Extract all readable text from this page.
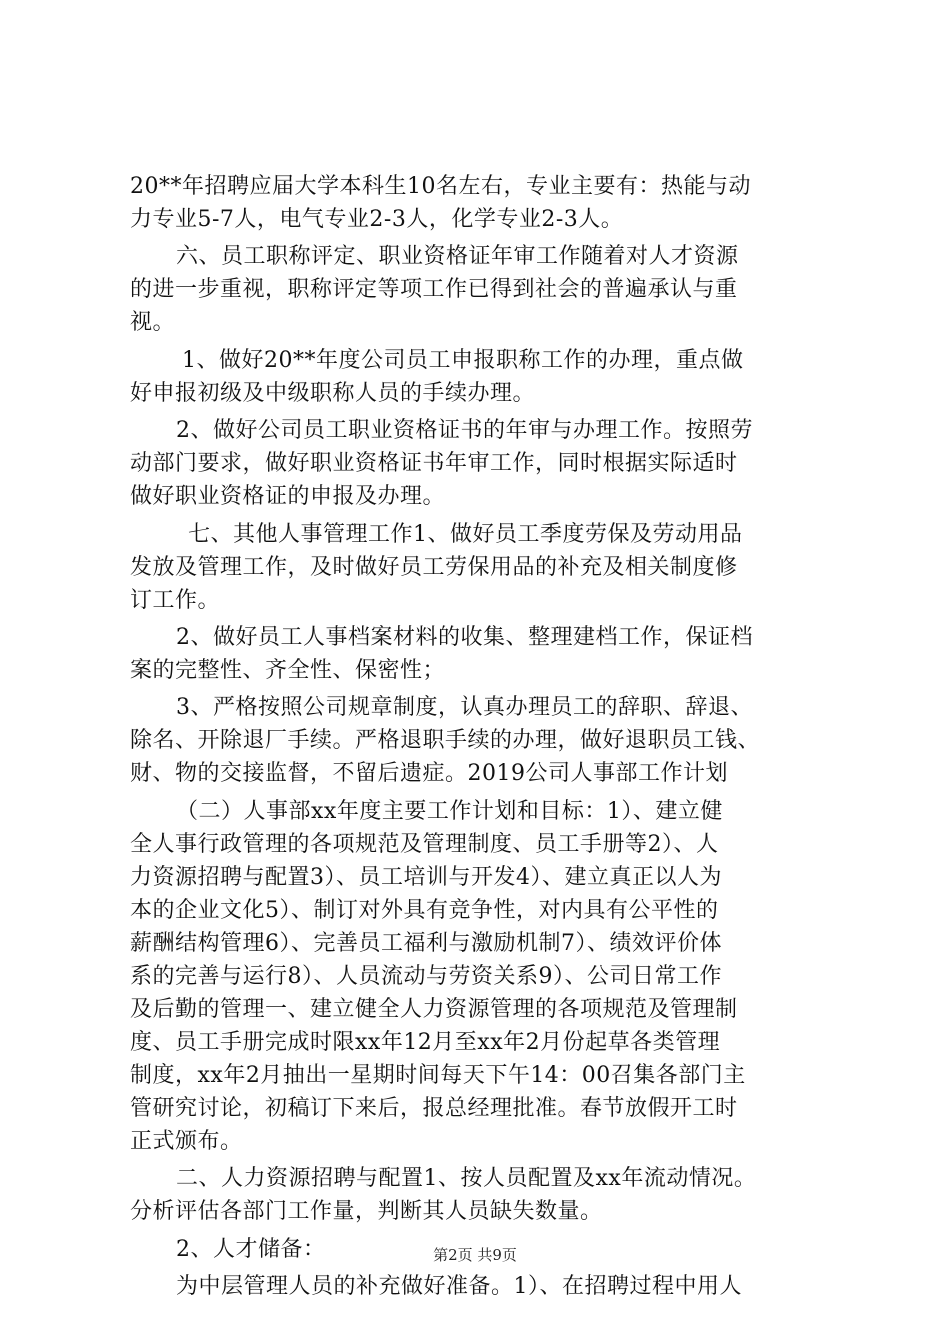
20**年招聘应届大学本科生10名左右，专业主要有：热能与动
力专业5-7人，电气专业2-3人，化学专业2-3人。
六、员工职称评定、职业资格证年审工作随着对人才资源
的进一步重视，职称评定等项工作已得到社会的普遍承认与重
视。
1、做好20**年度公司员工申报职称工作的办理，重点做
好申报初级及中级职称人员的手续办理。
2、做好公司员工职业资格证书的年审与办理工作。按照劳
动部门要求，做好职业资格证书年审工作，同时根据实际适时
做好职业资格证的申报及办理。
七、其他人事管理工作1、做好员工季度劳保及劳动用品
发放及管理工作，及时做好员工劳保用品的补充及相关制度修
订工作。
2、做好员工人事档案材料的收集、整理建档工作，保证档
案的完整性、齐全性、保密性；
3、严格按照公司规章制度，认真办理员工的辞职、辞退、
除名、开除退厂手续。严格退职手续的办理，做好退职员工钱、
财、物的交接监督，不留后遗症。2019公司人事部工作计划
（二）人事部xx年度主要工作计划和目标：1）、建立健
全人事行政管理的各项规范及管理制度、员工手册等2）、人
力资源招聘与配置3）、员工培训与开发4）、建立真正以人为
本的企业文化5）、制订对外具有竞争性，对内具有公平性的
薪酬结构管理6）、完善员工福利与激励机制7）、绩效评价体
系的完善与运行8）、人员流动与劳资关系9）、公司日常工作
及后勤的管理一、建立健全人力资源管理的各项规范及管理制
度、员工手册完成时限xx年12月至xx年2月份起草各类管理
制度，xx年2月抽出一星期时间每天下午14：00召集各部门主
管研究讨论，初稿订下来后，报总经理批准。春节放假开工时
正式颁布。
二、人力资源招聘与配置1、按人员配置及xx年流动情况。
分析评估各部门工作量，判断其人员缺失数量。
2、人才储备：
为中层管理人员的补充做好准备。1）、在招聘过程中用人
第2页 共9页
